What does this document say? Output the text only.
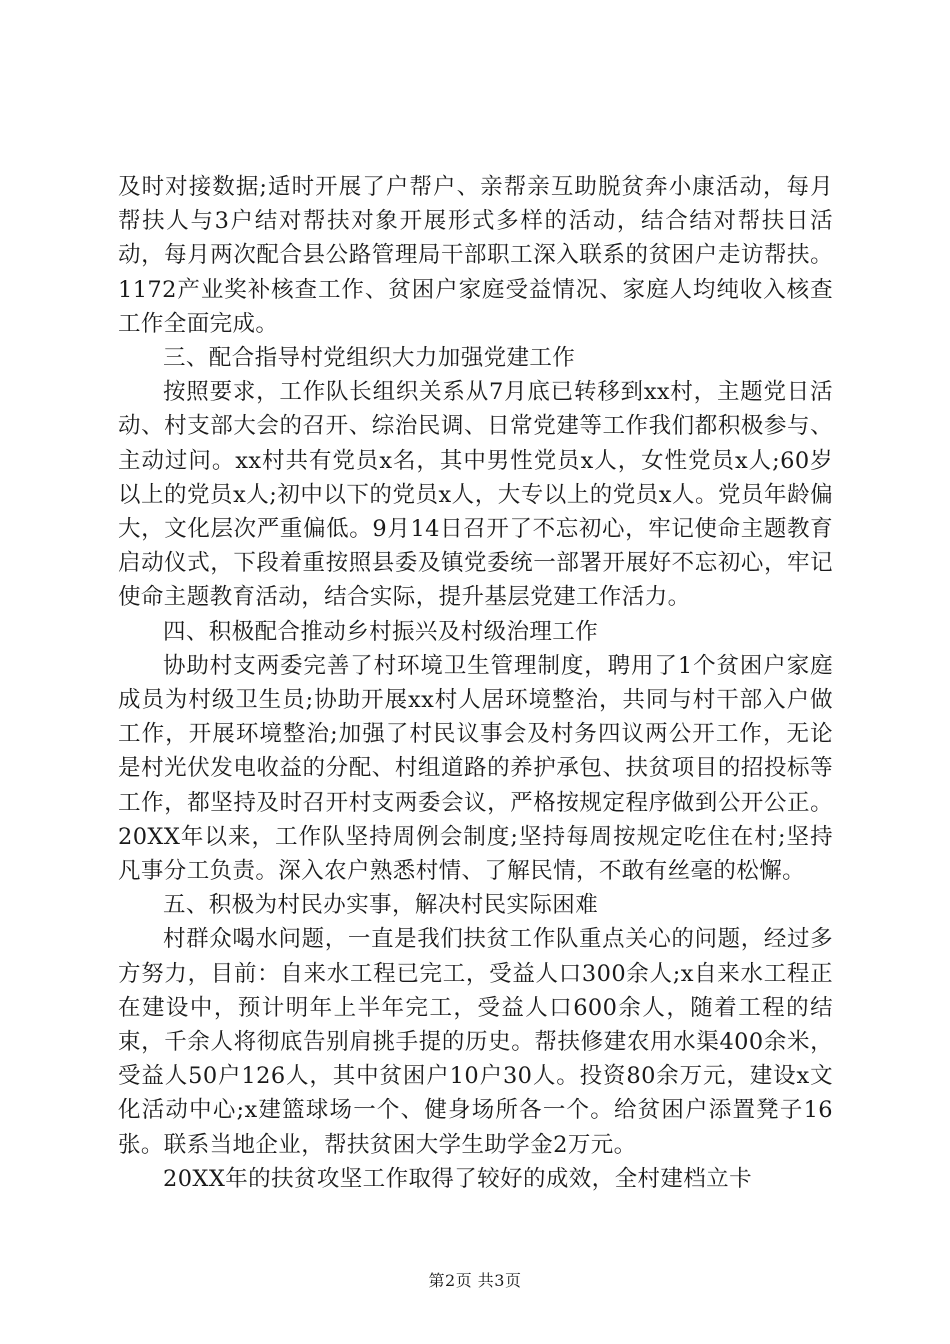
及时对接数据;适时开展了户帮户、亲帮亲互助脱贫奔小康活动，每月帮扶人与3户结对帮扶对象开展形式多样的活动，结合结对帮扶日活动，每月两次配合县公路管理局干部职工深入联系的贫困户走访帮扶。1172产业奖补核查工作、贫困户家庭受益情况、家庭人均纯收入核查工作全面完成。

三、配合指导村党组织大力加强党建工作

按照要求，工作队长组织关系从7月底已转移到xx村，主题党日活动、村支部大会的召开、综治民调、日常党建等工作我们都积极参与、主动过问。xx村共有党员x名，其中男性党员x人，女性党员x人;60岁以上的党员x人;初中以下的党员x人，大专以上的党员x人。党员年龄偏大，文化层次严重偏低。9月14日召开了不忘初心，牢记使命主题教育启动仪式，下段着重按照县委及镇党委统一部署开展好不忘初心，牢记使命主题教育活动，结合实际，提升基层党建工作活力。

四、积极配合推动乡村振兴及村级治理工作

协助村支两委完善了村环境卫生管理制度，聘用了1个贫困户家庭成员为村级卫生员;协助开展xx村人居环境整治，共同与村干部入户做工作，开展环境整治;加强了村民议事会及村务四议两公开工作，无论是村光伏发电收益的分配、村组道路的养护承包、扶贫项目的招投标等工作，都坚持及时召开村支两委会议，严格按规定程序做到公开公正。20XX年以来，工作队坚持周例会制度;坚持每周按规定吃住在村;坚持凡事分工负责。深入农户熟悉村情、了解民情，不敢有丝毫的松懈。

五、积极为村民办实事，解决村民实际困难

村群众喝水问题，一直是我们扶贫工作队重点关心的问题，经过多方努力，目前：自来水工程已完工，受益人口300余人;x自来水工程正在建设中，预计明年上半年完工，受益人口600余人，随着工程的结束，千余人将彻底告别肩挑手提的历史。帮扶修建农用水渠400余米，受益人50户126人，其中贫困户10户30人。投资80余万元，建设x文化活动中心;x建篮球场一个、健身场所各一个。给贫困户添置凳子16张。联系当地企业，帮扶贫困大学生助学金2万元。

20XX年的扶贫攻坚工作取得了较好的成效，全村建档立卡

第2页 共3页
